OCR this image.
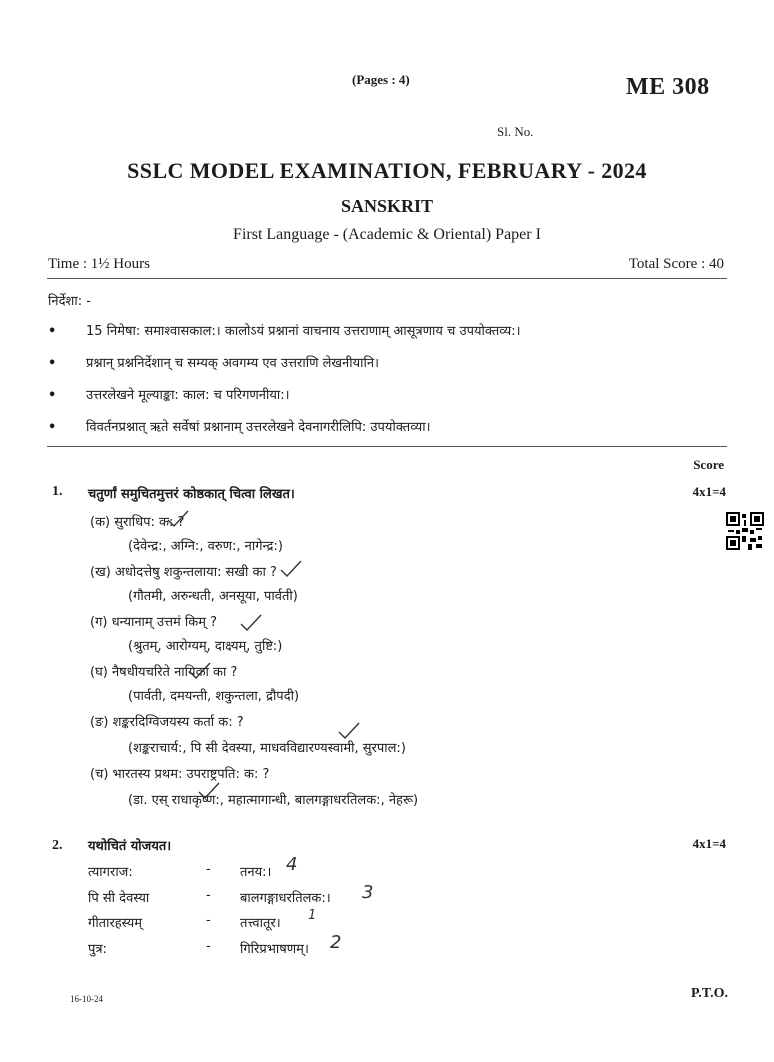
(Pages : 4)	ME 308
Sl. No.
SSLC MODEL EXAMINATION, FEBRUARY - 2024
SANSKRIT
First Language - (Academic & Oriental) Paper I
Time : 1½ Hours	Total Score : 40
निर्देशा: -
• 15 निमेषा: समाश्वासकाल:। कालोऽयं प्रश्नानां वाचनाय उत्तराणाम् आसूत्रणाय च उपयोक्तव्य:।
• प्रश्नान् प्रश्ननिर्देशान् च सम्यक् अवगम्य एव उत्तराणि लेखनीयानि।
• उत्तरलेखने मूल्याङ्का: काल: च परिगणनीया:।
• विवर्तनप्रश्नात् ऋते सर्वेषां प्रश्नानाम् उत्तरलेखने देवनागरीलिपि: उपयोक्तव्या।
Score
1. चतुर्णां समुचितमुत्तरं कोष्ठकात् चित्वा लिखत।	4x1=4
(क) सुराधिप: क: ?
(देवेन्द्र:, अग्नि:, वरुण:, नागेन्द्र:)
(ख) अधोदत्तेषु शकुन्तलाया: सखी का ?
(गौतमी, अरुन्धती, अनसूया, पार्वती)
(ग) धन्यानाम् उत्तमं किम् ?
(श्रुतम्, आरोग्यम्, दाक्ष्यम्, तुष्टि:)
(घ) नैषधीयचरिते नायिका का ?
(पार्वती, दमयन्ती, शकुन्तला, द्रौपदी)
(ङ) शङ्करदिग्विजयस्य कर्ता क: ?
(शङ्कराचार्य:, पि सी देवस्या, माधवविद्यारण्यस्वामी, सुरपाल:)
(च) भारतस्य प्रथम: उपराष्ट्रपति: क: ?
(डा. एस् राधाकृष्ण:, महात्मागान्धी, बालगङ्गाधरतिलक:, नेहरू)
2. यथोचितं योजयत।	4x1=4
त्यागराज:	- तनय:। 4
पि सी देवस्या	- बालगङ्गाधरतिलक:। 3
गीतारहस्यम्	- तत्त्वातूर।
1
पुत्र:	- गिरिप्रभाषणम्। 2
16-10-24	P.T.O.
